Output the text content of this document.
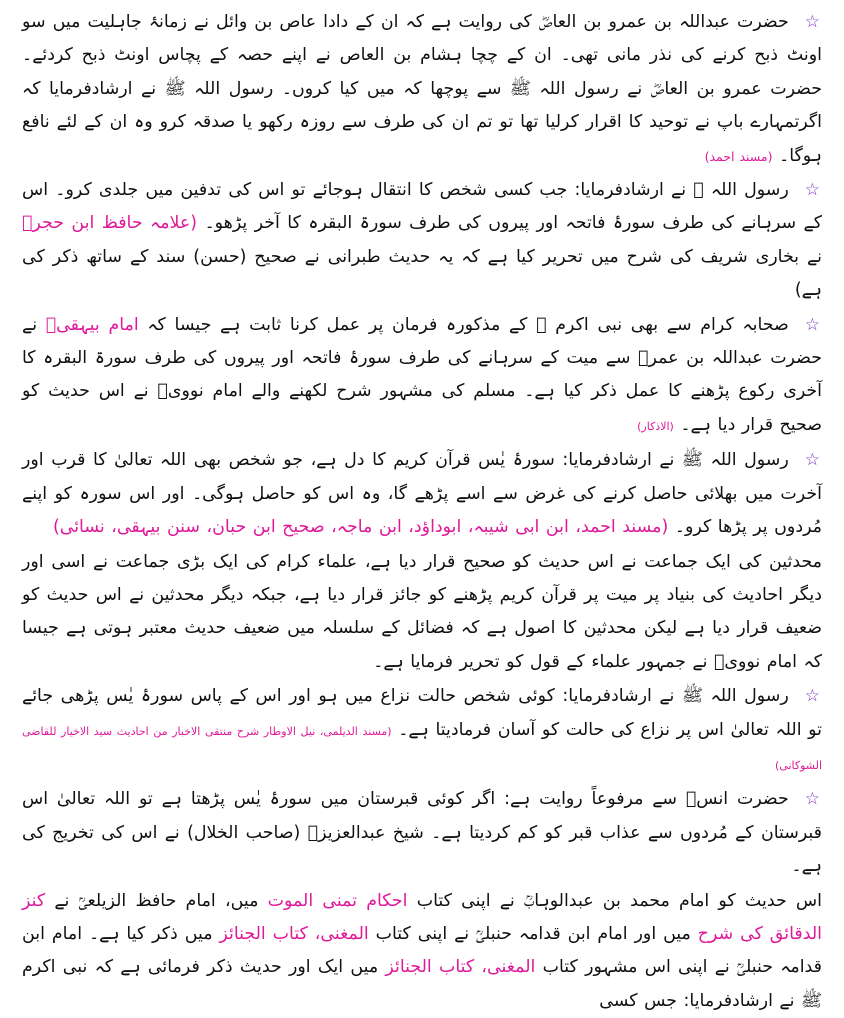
☆حضرت عبداللہ بن عمرو بن العاصؓ کی روایت ہے کہ ان کے دادا عاص بن وائل نے زمانۂ جاہلیت میں سو اونٹ ذبح کرنے کی نذر مانی تھی۔ ان کے چچا ہشام بن العاص نے اپنے حصہ کے پچاس اونٹ ذبح کردئے۔ حضرت عمرو بن العاصؓ نے رسول اللہ ﷺ سے پوچھا کہ میں کیا کروں۔ رسول اللہ ﷺ نے ارشادفرمایا کہ اگرتمہارے باپ نے توحید کا اقرار کرلیا تھا تو تم ان کی طرف سے روزہ رکھو یا صدقہ کرو وہ ان کے لئے نافع ہوگا۔ (مسند احمد)

☆رسول اللہ ﷺ نے ارشادفرمایا: جب کسی شخص کا انتقال ہوجائے تو اس کی تدفین میں جلدی کرو۔ اس کے سرہانے کی طرف سورۂ فاتحہ اور پیروں کی طرف سورۃ البقرہ کا آخر پڑھو۔ (علامہ حافظ ابن حجرؒ نے بخاری شریف کی شرح میں تحریر کیا ہے کہ یہ حدیث طبرانی نے صحیح (حسن) سند کے ساتھ ذکر کی ہے)

☆صحابہ کرام سے بھی نبی اکرم ﷺ کے مذکورہ فرمان پر عمل کرنا ثابت ہے جیسا کہ امام بیہقیؒ نے حضرت عبداللہ بن عمرؓ سے میت کے سرہانے کی طرف سورۂ فاتحہ اور پیروں کی طرف سورۃ البقرہ کا آخری رکوع پڑھنے کا عمل ذکر کیا ہے۔ مسلم کی مشہور شرح لکھنے والے امام نوویؒ نے اس حدیث کو صحیح قرار دیا ہے۔ (الاذکار)

☆رسول اللہ ﷺ نے ارشادفرمایا: سورۂ یٰس قرآن کریم کا دل ہے، جو شخص بھی اللہ تعالیٰ کا قرب اور آخرت میں بھلائی حاصل کرنے کی غرض سے اسے پڑھے گا، وہ اس کو حاصل ہوگی۔ اور اس سورہ کو اپنے مُردوں پر پڑھا کرو۔ (مسند احمد، ابن ابی شیبہ، ابوداؤد، ابن ماجہ، صحیح ابن حبان، سنن بیہقی، نسائی)

محدثین کی ایک جماعت نے اس حدیث کو صحیح قرار دیا ہے، علماء کرام کی ایک بڑی جماعت نے اسی اور دیگر احادیث کی بنیاد پر میت پر قرآن کریم پڑھنے کو جائز قرار دیا ہے، جبکہ دیگر محدثین نے اس حدیث کو ضعیف قرار دیا ہے لیکن محدثین کا اصول ہے کہ فضائل کے سلسلہ میں ضعیف حدیث معتبر ہوتی ہے جیسا کہ امام نوویؒ نے جمہور علماء کے قول کو تحریر فرمایا ہے۔

☆رسول اللہ ﷺ نے ارشادفرمایا: کوئی شخص حالت نزاع میں ہو اور اس کے پاس سورۂ یٰس پڑھی جائے تو اللہ تعالیٰ اس پر نزاع کی حالت کو آسان فرمادیتا ہے۔ (مسند الدیلمی، نیل الاوطار شرح منتقی الاخبار من احادیث سید الاخیار للقاضی الشوکانی)

☆حضرت انسؓ سے مرفوعاً روایت ہے: اگر کوئی قبرستان میں سورۂ یٰس پڑھتا ہے تو اللہ تعالیٰ اس قبرستان کے مُردوں سے عذاب قبر کو کم کردیتا ہے۔ شیخ عبدالعزیزؒ (صاحب الخلال) نے اس کی تخریج کی ہے۔

اس حدیث کو امام محمد بن عبدالوہابؒ نے اپنی کتاب احکام تمنی الموت میں، امام حافظ الزیلعیؒ نے کنز الدقائق کی شرح میں اور امام ابن قدامہ حنبلیؒ نے اپنی کتاب المغنی، کتاب الجنائز میں ذکر کیا ہے۔ امام ابن قدامہ حنبلیؒ نے اپنی اس مشہور کتاب المغنی، کتاب الجنائز میں ایک اور حدیث ذکر فرمائی ہے کہ نبی اکرم ﷺ نے ارشادفرمایا: جس کسی
